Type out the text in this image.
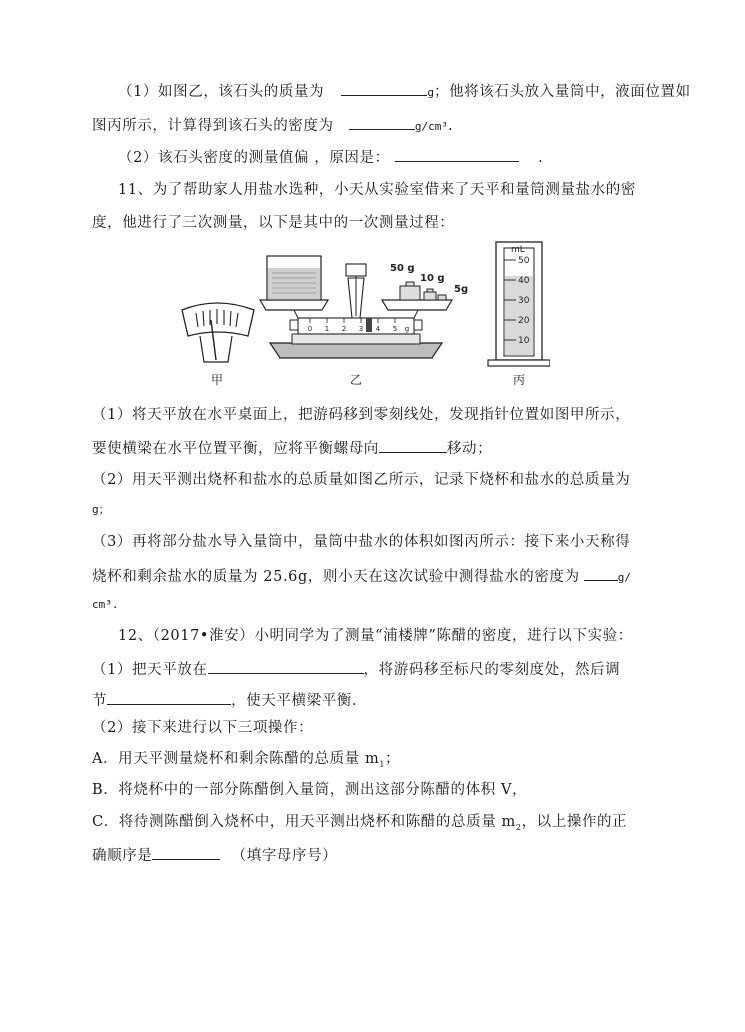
（1）如图乙，该石头的质量为	g；他将该石头放入量筒中，液面位置如
图丙所示，计算得到该石头的密度为	g/cm³.
（2）该石头密度的测量值偏 ，原因是：	.
11、为了帮助家人用盐水选种，小天从实验室借来了天平和量筒测量盐水的密
度，他进行了三次测量，以下是其中的一次测量过程：
0 1 2 3 4 5 g
50 g
10 g
5g
mL
50
40
30
20
10
甲	乙	丙
（1）将天平放在水平桌面上，把游码移到零刻线处，发现指针位置如图甲所示，
要使横梁在水平位置平衡，应将平衡螺母向	移动；
（2）用天平测出烧杯和盐水的总质量如图乙所示，记录下烧杯和盐水的总质量为
g；
（3）再将部分盐水导入量筒中，量筒中盐水的体积如图丙所示：接下来小天称得
烧杯和剩余盐水的质量为 25.6g，则小天在这次试验中测得盐水的密度为	g/
cm³.
12、（2017•淮安）小明同学为了测量“浦楼牌”陈醋的密度，进行以下实验：
（1）把天平放在	，将游码移至标尺的零刻度处，然后调
节	，使天平横梁平衡．
（2）接下来进行以下三项操作：
A．用天平测量烧杯和剩余陈醋的总质量 $m_1$；
B．将烧杯中的一部分陈醋倒入量筒，测出这部分陈醋的体积 V，
C．将待测陈醋倒入烧杯中，用天平测出烧杯和陈醋的总质量 $m_2$，以上操作的正
确顺序是	（填字母序号）
